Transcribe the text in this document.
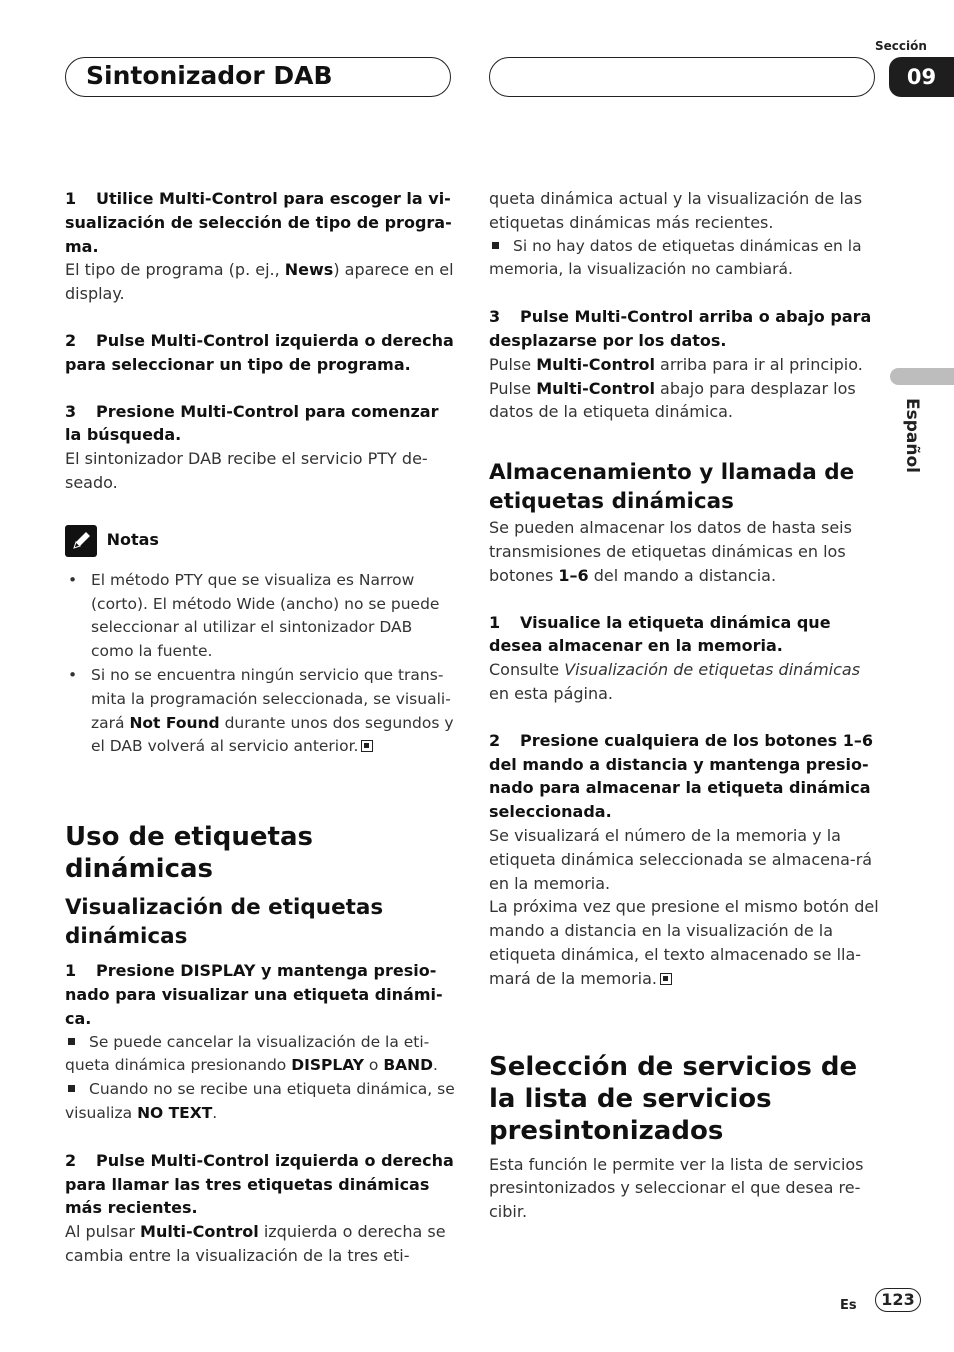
Sintonizador DAB
Sección
09
Español

1 Utilice Multi-Control para escoger la vi-sualización de selección de tipo de progra-ma.

El tipo de programa (p. ej., News) aparece en el display.

2 Pulse Multi-Control izquierda o derecha para seleccionar un tipo de programa.

3 Presione Multi-Control para comenzar la búsqueda.

El sintonizador DAB recibe el servicio PTY de-seado.

Notas

• El método PTY que se visualiza es Narrow (corto). El método Wide (ancho) no se puede seleccionar al utilizar el sintonizador DAB como la fuente.

• Si no se encuentra ningún servicio que trans-mita la programación seleccionada, se visuali-zará Not Found durante unos dos segundos y el DAB volverá al servicio anterior.

Uso de etiquetas dinámicas

Visualización de etiquetas dinámicas

1 Presione DISPLAY y mantenga presio-nado para visualizar una etiqueta dinámi-ca.

Se puede cancelar la visualización de la eti-queta dinámica presionando DISPLAY o BAND.

Cuando no se recibe una etiqueta dinámica, se visualiza NO TEXT.

2 Pulse Multi-Control izquierda o derecha para llamar las tres etiquetas dinámicas más recientes.

Al pulsar Multi-Control izquierda o derecha se cambia entre la visualización de la tres eti-

queta dinámica actual y la visualización de las etiquetas dinámicas más recientes.

Si no hay datos de etiquetas dinámicas en la memoria, la visualización no cambiará.

3 Pulse Multi-Control arriba o abajo para desplazarse por los datos.

Pulse Multi-Control arriba para ir al principio. Pulse Multi-Control abajo para desplazar los datos de la etiqueta dinámica.

Almacenamiento y llamada de etiquetas dinámicas

Se pueden almacenar los datos de hasta seis transmisiones de etiquetas dinámicas en los botones 1–6 del mando a distancia.

1 Visualice la etiqueta dinámica que desea almacenar en la memoria.

Consulte Visualización de etiquetas dinámicas en esta página.

2 Presione cualquiera de los botones 1–6 del mando a distancia y mantenga presio-nado para almacenar la etiqueta dinámica seleccionada.

Se visualizará el número de la memoria y la etiqueta dinámica seleccionada se almacena-rá en la memoria.

La próxima vez que presione el mismo botón del mando a distancia en la visualización de la etiqueta dinámica, el texto almacenado se lla-mará de la memoria.

Selección de servicios de la lista de servicios presintonizados

Esta función le permite ver la lista de servicios presintonizados y seleccionar el que desea re-cibir.

Es	123
